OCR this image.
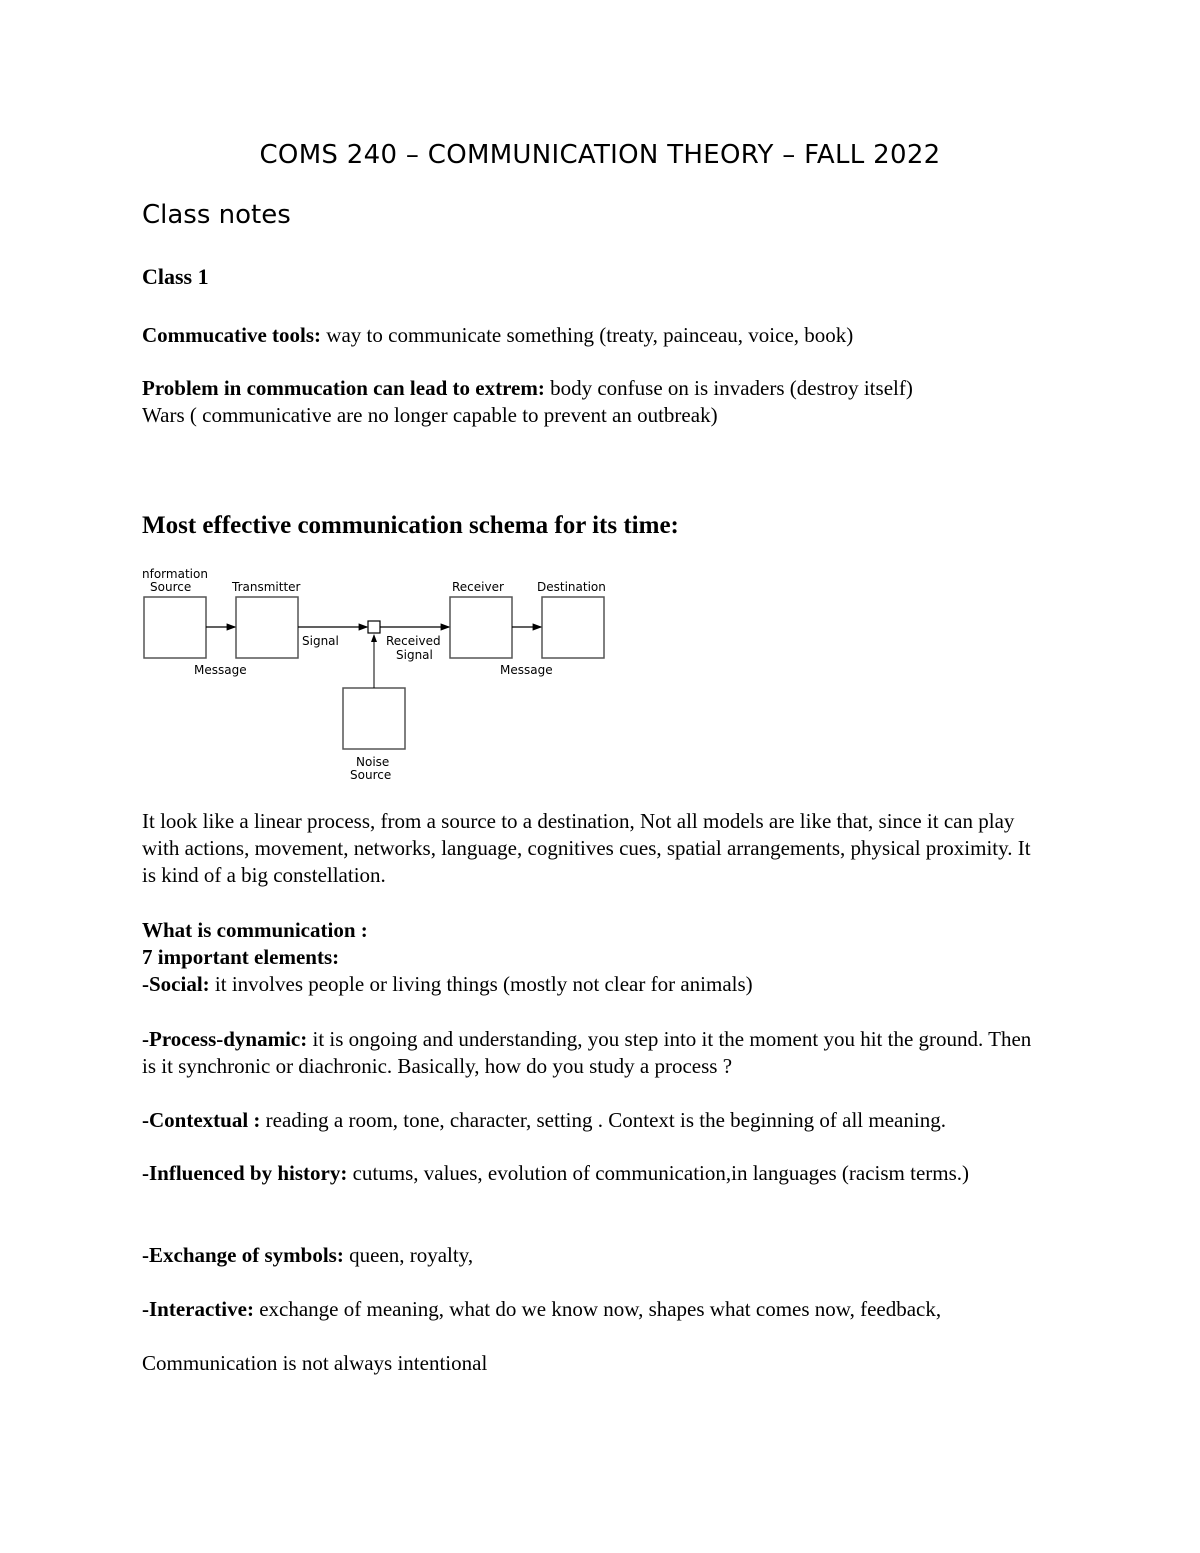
COMS 240 – COMMUNICATION THEORY – FALL 2022
Class notes
Class 1

Commucative tools: way to communicate something (treaty, painceau, voice, book)

Problem in commucation can lead to extrem: body confuse on is invaders (destroy itself)
Wars ( communicative are no longer capable to prevent an outbreak)

Most effective communication schema for its time:
nformation
Source	Transmitter	Receiver	Destination
Signal	Received
Signal
Message	Message
Noise
Source

It look like a linear process, from a source to a destination, Not all models are like that, since it can play with actions, movement, networks, language, cognitives cues, spatial arrangements, physical proximity. It is kind of a big constellation.

What is communication :
7 important elements:
-Social: it involves people or living things (mostly not clear for animals)

-Process-dynamic: it is ongoing and understanding, you step into it the moment you hit the ground. Then is it synchronic or diachronic. Basically, how do you study a process ?

-Contextual : reading a room, tone, character, setting . Context is the beginning of all meaning.

-Influenced by history: cutums, values, evolution of communication,in languages (racism terms.)

-Exchange of symbols: queen, royalty,

-Interactive: exchange of meaning, what do we know now, shapes what comes now, feedback,

Communication is not always intentional
